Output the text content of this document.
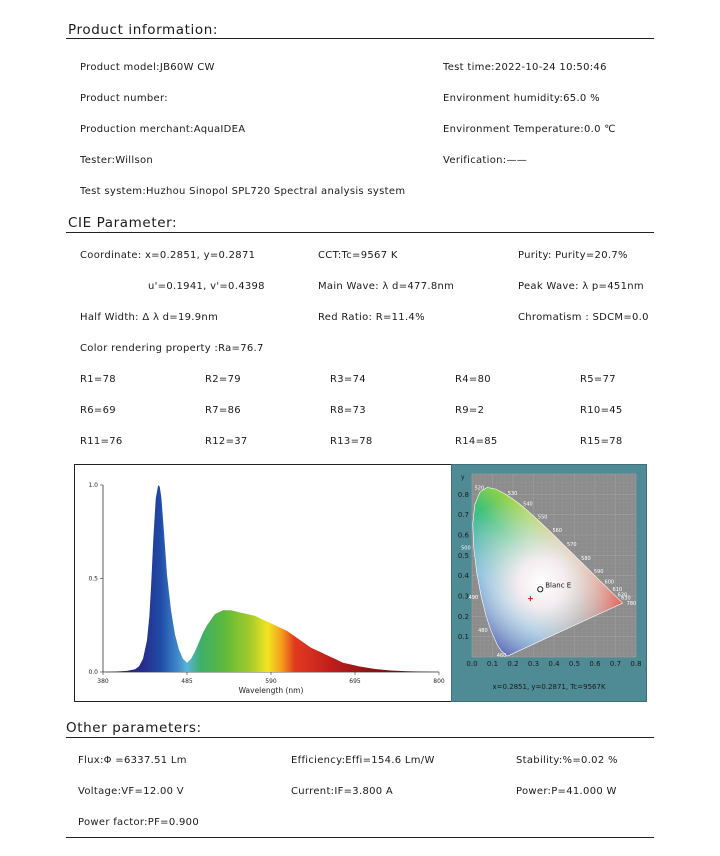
Product information:
Product model:JB60W CW	Test time:2022-10-24 10:50:46
Product number:	Environment humidity:65.0 %
Production merchant:AquaIDEA	Environment Temperature:0.0 ℃
Tester:Willson	Verification:——
Test system:Huzhou Sinopol SPL720 Spectral analysis system
CIE Parameter:
Coordinate: x=0.2851, y=0.2871	CCT:Tc=9567 K	Purity: Purity=20.7%
u'=0.1941, v'=0.4398	Main Wave: λ d=477.8nm	Peak Wave: λ p=451nm
Half Width: Δ λ d=19.9nm	Red Ratio: R=11.4%	Chromatism : SDCM=0.0
Color rendering property :Ra=76.7
R1=78	R2=79	R3=74	R4=80	R5=77
R6=69	R7=86	R8=73	R9=2	R10=45
R11=76	R12=37	R13=78	R14=85	R15=78
380	485	590	695	800
0.0
0.5
1.0
Wavelength (nm)
460
480
490
500
520
530
540
550
560
570
580
590
600
610
620
630
780
0.0 0.1 0.2 0.3 0.4 0.5 0.6 0.7 0.8
0.1
0.2
0.3
0.4
0.5
0.6
0.7
0.8
y
Blanc E
x=0.2851, y=0.2871, Tc=9567K
Other parameters:
Flux:Φ =6337.51 Lm	Efficiency:Effi=154.6 Lm/W	Stability:%=0.02 %
Voltage:VF=12.00 V	Current:IF=3.800 A	Power:P=41.000 W
Power factor:PF=0.900
